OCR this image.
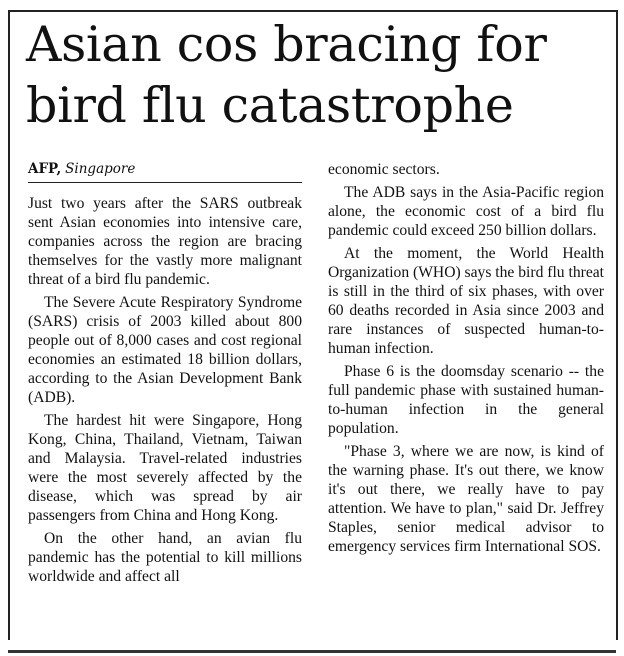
Asian cos bracing for
bird flu catastrophe
AFP, Singapore

Just two years after the SARS outbreak sent Asian economies into intensive care, companies across the region are bracing themselves for the vastly more malignant threat of a bird flu pandemic.

The Severe Acute Respiratory Syndrome (SARS) crisis of 2003 killed about 800 people out of 8,000 cases and cost regional economies an estimated 18 billion dollars, according to the Asian Development Bank (ADB).

The hardest hit were Singapore, Hong Kong, China, Thailand, Vietnam, Taiwan and Malaysia. Travel-related industries were the most severely affected by the disease, which was spread by air passengers from China and Hong Kong.

On the other hand, an avian flu pandemic has the potential to kill millions worldwide and affect all

economic sectors.

The ADB says in the Asia-Pacific region alone, the economic cost of a bird flu pandemic could exceed 250 billion dollars.

At the moment, the World Health Organization (WHO) says the bird flu threat is still in the third of six phases, with over 60 deaths recorded in Asia since 2003 and rare instances of suspected human-to-human infection.

Phase 6 is the doomsday scenario -- the full pandemic phase with sustained human-to-human infection in the general population.

"Phase 3, where we are now, is kind of the warning phase. It's out there, we know it's out there, we really have to pay attention. We have to plan," said Dr. Jeffrey Staples, senior medical advisor to emergency services firm International SOS.
